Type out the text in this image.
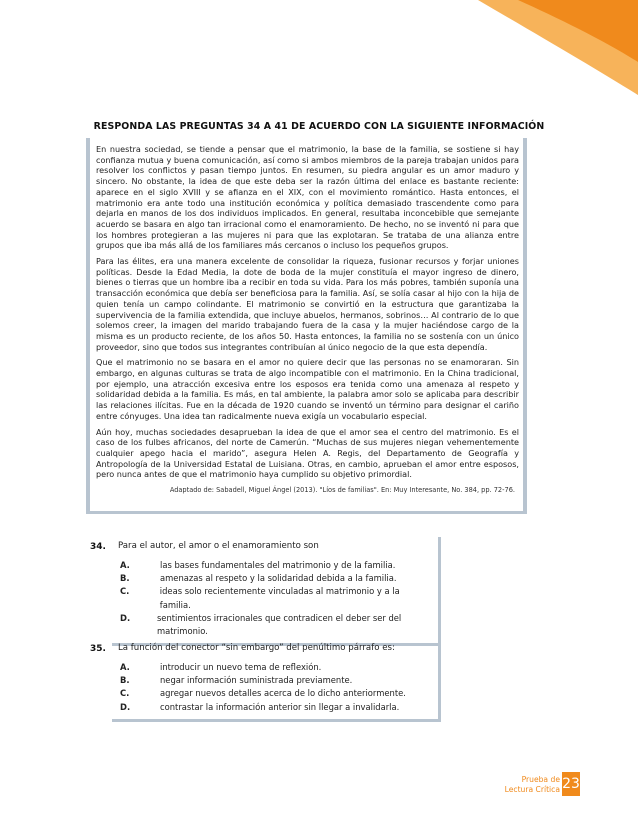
RESPONDA LAS PREGUNTAS 34 A 41 DE ACUERDO CON LA SIGUIENTE INFORMACIÓN

En nuestra sociedad, se tiende a pensar que el matrimonio, la base de la familia, se sostiene si hay confianza mutua y buena comunicación, así como si ambos miembros de la pareja trabajan unidos para resolver los conflictos y pasan tiempo juntos. En resumen, su piedra angular es un amor maduro y sincero. No obstante, la idea de que este deba ser la razón última del enlace es bastante reciente: aparece en el siglo XVIII y se afianza en el XIX, con el movimiento romántico. Hasta entonces, el matrimonio era ante todo una institución económica y política demasiado trascendente como para dejarla en manos de los dos individuos implicados. En general, resultaba inconcebible que semejante acuerdo se basara en algo tan irracional como el enamoramiento. De hecho, no se inventó ni para que los hombres protegieran a las mujeres ni para que las explotaran. Se trataba de una alianza entre grupos que iba más allá de los familiares más cercanos o incluso los pequeños grupos.

Para las élites, era una manera excelente de consolidar la riqueza, fusionar recursos y forjar uniones políticas. Desde la Edad Media, la dote de boda de la mujer constituía el mayor ingreso de dinero, bienes o tierras que un hombre iba a recibir en toda su vida. Para los más pobres, también suponía una transacción económica que debía ser beneficiosa para la familia. Así, se solía casar al hijo con la hija de quien tenía un campo colindante. El matrimonio se convirtió en la estructura que garantizaba la supervivencia de la familia extendida, que incluye abuelos, hermanos, sobrinos… Al contrario de lo que solemos creer, la imagen del marido trabajando fuera de la casa y la mujer haciéndose cargo de la misma es un producto reciente, de los años 50. Hasta entonces, la familia no se sostenía con un único proveedor, sino que todos sus integrantes contribuían al único negocio de la que esta dependía.

Que el matrimonio no se basara en el amor no quiere decir que las personas no se enamoraran. Sin embargo, en algunas culturas se trata de algo incompatible con el matrimonio. En la China tradicional, por ejemplo, una atracción excesiva entre los esposos era tenida como una amenaza al respeto y solidaridad debida a la familia. Es más, en tal ambiente, la palabra amor solo se aplicaba para describir las relaciones ilícitas. Fue en la década de 1920 cuando se inventó un término para designar el cariño entre cónyuges. Una idea tan radicalmente nueva exigía un vocabulario especial.

Aún hoy, muchas sociedades desaprueban la idea de que el amor sea el centro del matrimonio. Es el caso de los fulbes africanos, del norte de Camerún. “Muchas de sus mujeres niegan vehementemente cualquier apego hacia el marido”, asegura Helen A. Regis, del Departamento de Geografía y Antropología de la Universidad Estatal de Luisiana. Otras, en cambio, aprueban el amor entre esposos, pero nunca antes de que el matrimonio haya cumplido su objetivo primordial.

Adaptado de: Sabadell, Miguel Ángel (2013). "Líos de familias". En: Muy Interesante, No. 384, pp. 72-76.
34. Para el autor, el amor o el enamoramiento son
A.	las bases fundamentales del matrimonio y de la familia.
B.	amenazas al respeto y la solidaridad debida a la familia.
C.	ideas solo recientemente vinculadas al matrimonio y a la familia.
D.	sentimientos irracionales que contradicen el deber ser del matrimonio.
35. La función del conector “sin embargo” del penúltimo párrafo es:
A.	introducir un nuevo tema de reflexión.
B.	negar información suministrada previamente.
C.	agregar nuevos detalles acerca de lo dicho anteriormente.
D.	contrastar la información anterior sin llegar a invalidarla.
Prueba de
Lectura Crítica 23
